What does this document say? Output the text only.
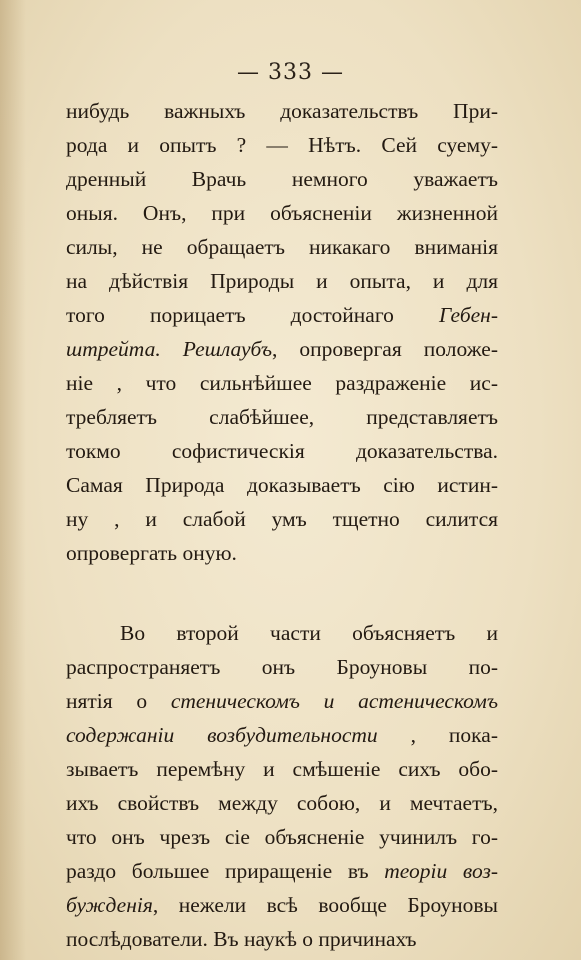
— 333 —
нибудь важныхъ доказательствъ При-
рода и опытъ ? — Нѣтъ. Сей суему-
дренный Врачь немного уважаетъ
оныя. Онъ, при объясненіи жизненной
силы, не обращаетъ никакаго вниманія
на дѣйствія Природы и опыта, и для
того порицаетъ достойнаго Гебен-
штрейта. Решлаубъ, опровергая положе-
ніе , что сильнѣйшее раздраженіе ис-
требляетъ слабѣйшее, представляетъ
токмо софистическія доказательства.
Самая Природа доказываетъ сію истин-
ну , и слабой умъ тщетно силится
опровергать оную.
Во второй части объясняетъ и
распространяетъ онъ Броуновы по-
нятія о стеническомъ и астеническомъ
содержаніи возбудительности , пока-
зываетъ перемѣну и смѣшеніе сихъ обо-
ихъ свойствъ между собою, и мечтаетъ,
что онъ чрезъ сіе объясненіе учинилъ го-
раздо большее приращеніе въ теоріи воз-
бужденія, нежели всѣ вообще Броуновы
послѣдователи. Въ наукѣ о причинахъ
